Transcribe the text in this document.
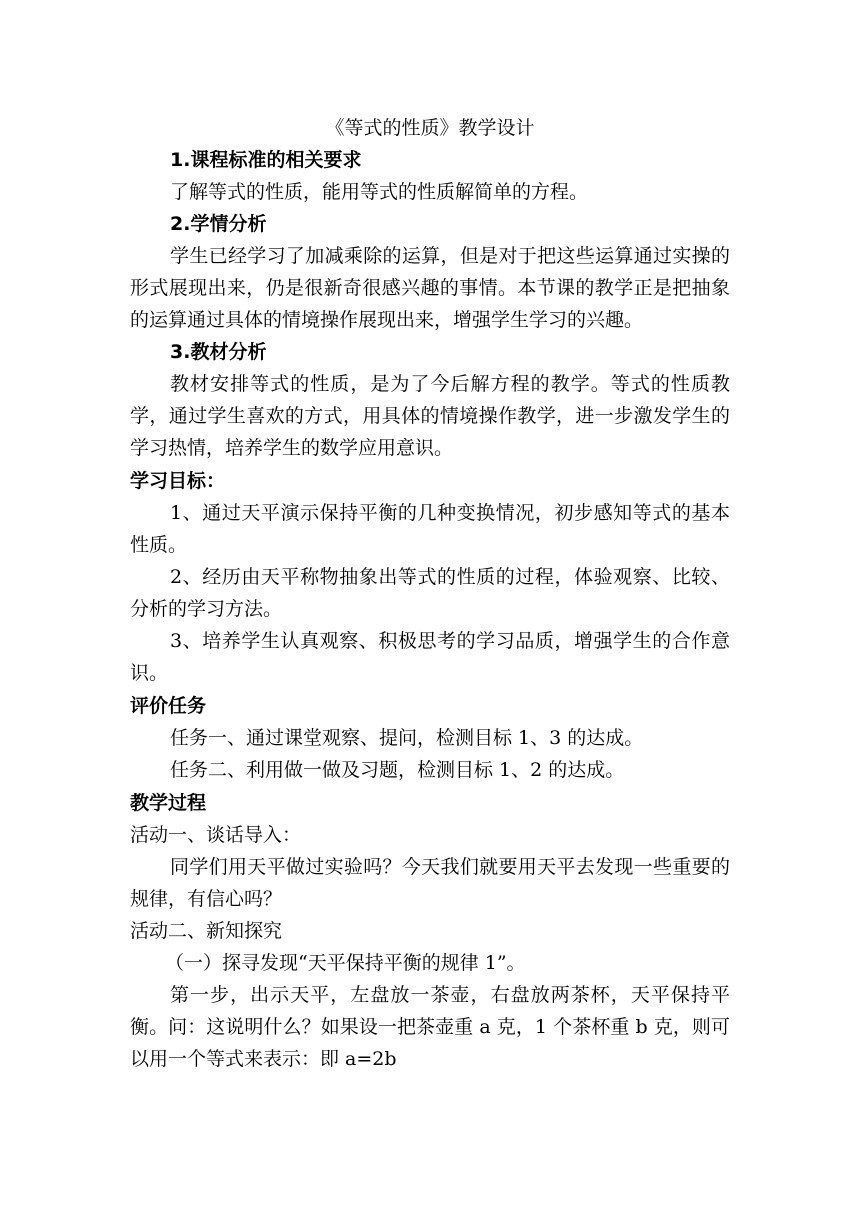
《等式的性质》教学设计

1.课程标准的相关要求

了解等式的性质，能用等式的性质解简单的方程。

2.学情分析

学生已经学习了加减乘除的运算，但是对于把这些运算通过实操的形式展现出来，仍是很新奇很感兴趣的事情。本节课的教学正是把抽象的运算通过具体的情境操作展现出来，增强学生学习的兴趣。

3.教材分析

教材安排等式的性质，是为了今后解方程的教学。等式的性质教学，通过学生喜欢的方式，用具体的情境操作教学，进一步激发学生的学习热情，培养学生的数学应用意识。

学习目标：

1、通过天平演示保持平衡的几种变换情况，初步感知等式的基本性质。

2、经历由天平称物抽象出等式的性质的过程，体验观察、比较、分析的学习方法。

3、培养学生认真观察、积极思考的学习品质，增强学生的合作意识。

评价任务

任务一、通过课堂观察、提问，检测目标 1、3 的达成。

任务二、利用做一做及习题，检测目标 1、2 的达成。

教学过程

活动一、谈话导入：

同学们用天平做过实验吗？今天我们就要用天平去发现一些重要的规律，有信心吗？

活动二、新知探究

（一）探寻发现“天平保持平衡的规律 1”。

第一步，出示天平，左盘放一茶壶，右盘放两茶杯，天平保持平衡。问：这说明什么？如果设一把茶壶重 a 克，1 个茶杯重 b 克，则可以用一个等式来表示：即 a=2b
